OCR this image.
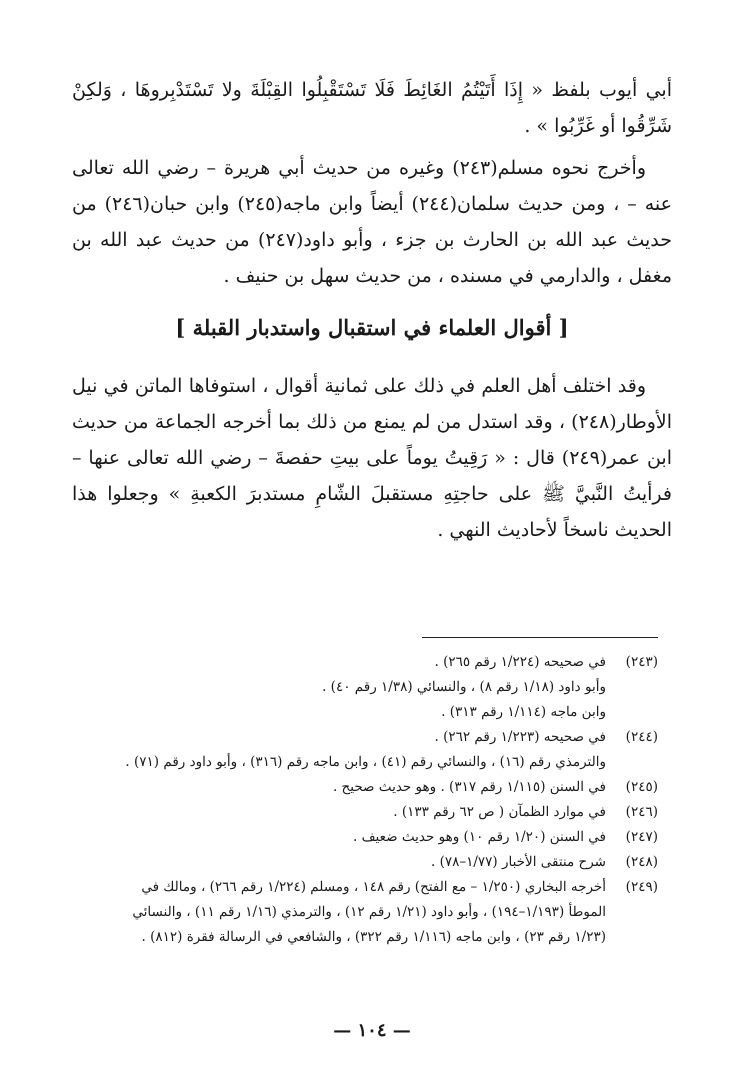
أبي أيوب بلفظ « إِذَا أَتَيْتُمُ الغَائِطَ فَلَا تَسْتَقْبِلُوا القِبْلَةَ ولا تَسْتَدْبِروهَا ، وَلكِنْ شَرِّقُوا أو غَرِّبُوا » .

وأخرج نحوه مسلم(٢٤٣) وغيره من حديث أبي هريرة – رضي الله تعالى عنه – ، ومن حديث سلمان(٢٤٤) أيضاً وابن ماجه(٢٤٥) وابن حبان(٢٤٦) من حديث عبد الله بن الحارث بن جزء ، وأبو داود(٢٤٧) من حديث عبد الله بن مغفل ، والدارمي في مسنده ، من حديث سهل بن حنيف .

[ أقوال العلماء في استقبال واستدبار القبلة ]

وقد اختلف أهل العلم في ذلك على ثمانية أقوال ، استوفاها الماتن في نيل الأوطار(٢٤٨) ، وقد استدل من لم يمنع من ذلك بما أخرجه الجماعة من حديث ابن عمر(٢٤٩) قال : « رَقِيتُ يوماً على بيتِ حفصةَ – رضي الله تعالى عنها – فرأيتُ النَّبيَّ ﷺ على حاجتِهِ مستقبلَ الشّامِ مستدبرَ الكعبةِ » وجعلوا هذا الحديث ناسخاً لأحاديث النهي .

(٢٤٣)
في صحيحه (١/٢٢٤ رقم ٢٦٥) .
وأبو داود (١/١٨ رقم ٨) ، والنسائي (١/٣٨ رقم ٤٠) .
وابن ماجه (١/١١٤ رقم ٣١٣) .
(٢٤٤)
في صحيحه (١/٢٢٣ رقم ٢٦٢) .
والترمذي رقم (١٦) ، والنسائي رقم (٤١) ، وابن ماجه رقم (٣١٦) ، وأبو داود رقم (٧١) .
(٢٤٥)
في السنن (١/١١٥ رقم ٣١٧) . وهو حديث صحيح .
(٢٤٦)
في موارد الظمآن ( ص ٦٢ رقم ١٣٣) .
(٢٤٧)
في السنن (١/٢٠ رقم ١٠) وهو حديث ضعيف .
(٢٤٨)
شرح منتقى الأخبار (١/٧٧–٧٨) .
(٢٤٩)
أخرجه البخاري (١/٢٥٠ – مع الفتح) رقم ١٤٨ ، ومسلم (١/٢٢٤ رقم ٢٦٦) ، ومالك في
الموطأ (١/١٩٣–١٩٤) ، وأبو داود (١/٢١ رقم ١٢) ، والترمذي (١/١٦ رقم ١١) ، والنسائي
(١/٢٣ رقم ٢٣) ، وابن ماجه (١/١١٦ رقم ٣٢٢) ، والشافعي في الرسالة فقرة (٨١٢) .
— ١٠٤ —
